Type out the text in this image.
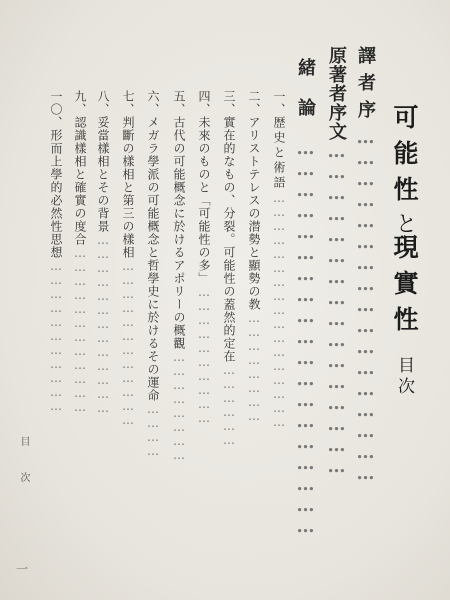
可能性と現實性目次
譯者序……………………………………………
原著者序文…………………………………………
緒論…………………………………………………
一、歴史と術語……………………………………………
二、アリストテレスの潜勢と顯勢の教……………………
三、實在的なもの、分裂。可能性の蓋然的定在………………
四、未來のものと「可能性の多」…………………………
五、古代の可能概念に於けるアポリーの概觀……………………
六、メガラ學派の可能概念と哲學史に於けるその運命…………
七、判斷の樣相と第三の樣相………………………………
八、妥當樣相とその背景…………………………………
九、認識樣相と確實の度合………………………………
一〇、形而上學的必然性思想……………………………
目次
一
